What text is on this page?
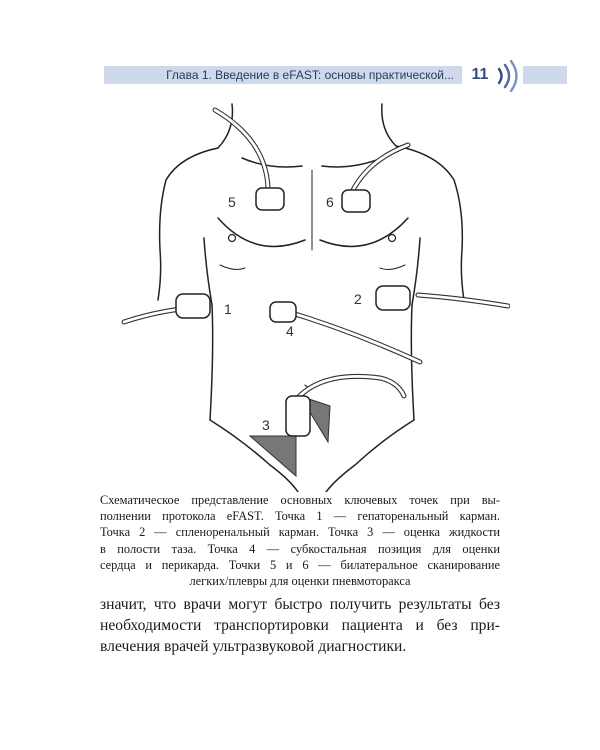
Глава 1. Введение в eFAST: основы практической... 11
5	6
1
2
4
3

Схематическое представление основных ключевых точек при вы-
полнении протокола eFAST. Точка 1 — гепаторенальный карман.
Точка 2 — спленоренальный карман. Точка 3 — оценка жидкости
в полости таза. Точка 4 — субкостальная позиция для оценки
сердца и перикарда. Точки 5 и 6 — билатеральное сканирование
легких/плевры для оценки пневмоторакса

значит, что врачи могут быстро получить результаты без
необходимости транспортировки пациента и без при-
влечения врачей ультразвуковой диагностики.
